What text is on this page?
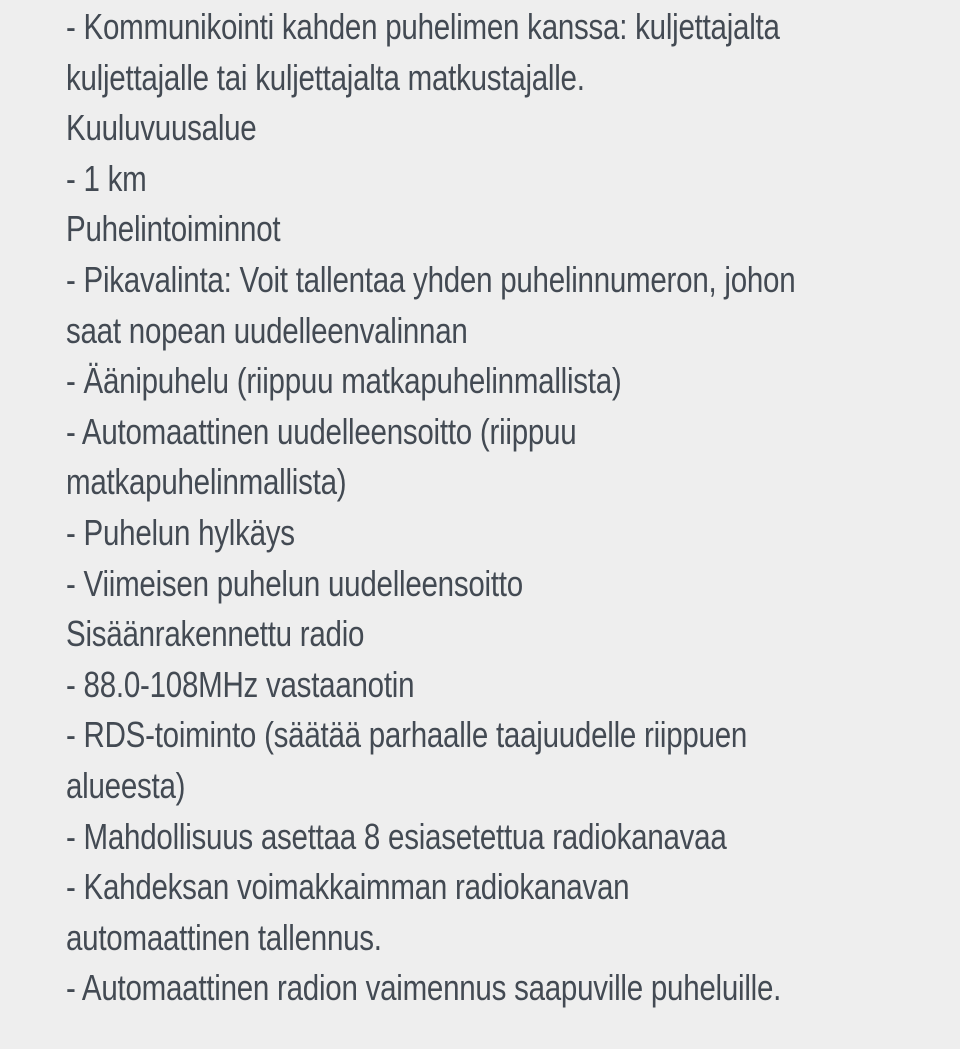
- Kommunikointi kahden puhelimen kanssa: kuljettajalta
kuljettajalle tai kuljettajalta matkustajalle.
Kuuluvuusalue
- 1 km
Puhelintoiminnot
- Pikavalinta: Voit tallentaa yhden puhelinnumeron, johon
saat nopean uudelleenvalinnan
- Äänipuhelu (riippuu matkapuhelinmallista)
- Automaattinen uudelleensoitto (riippuu
matkapuhelinmallista)
- Puhelun hylkäys
- Viimeisen puhelun uudelleensoitto
Sisäänrakennettu radio
- 88.0-108MHz vastaanotin
- RDS-toiminto (säätää parhaalle taajuudelle riippuen
alueesta)
- Mahdollisuus asettaa 8 esiasetettua radiokanavaa
- Kahdeksan voimakkaimman radiokanavan
automaattinen tallennus.
- Automaattinen radion vaimennus saapuville puheluille.
